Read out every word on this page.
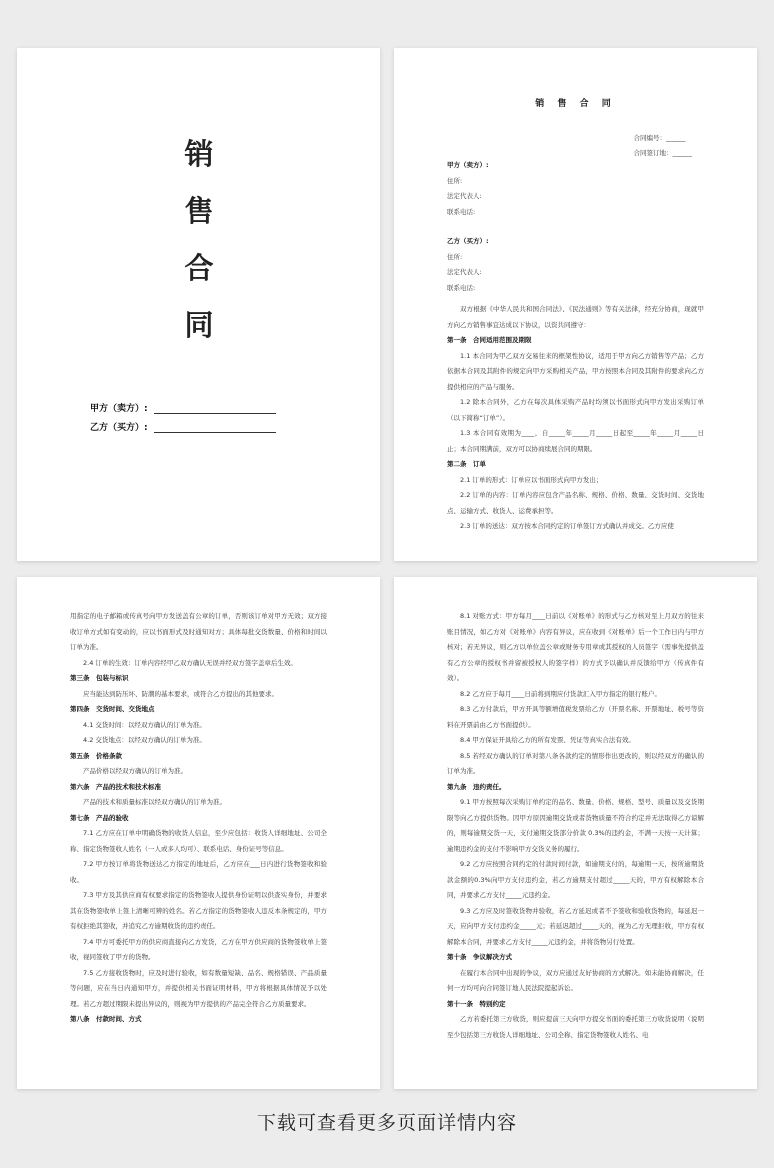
销
售
合
同
甲方（卖方）:
乙方（买方）:
销 售 合 同
合同编号：______
合同签订地：______

甲方（卖方）:

住所:

法定代表人:

联系电话:

乙方（买方）:

住所:

法定代表人:

联系电话:

双方根据《中华人民共和国合同法》、《民法通则》等有关法律，经充分协商，现就甲方向乙方销售事宜达成以下协议，以资共同遵守：

第一条　合同适用范围及期限

1.1 本合同为甲乙双方交易往来的框架性协议，适用于甲方向乙方销售等产品；乙方依据本合同及其附件的规定向甲方采购相关产品，甲方按照本合同及其附件的要求向乙方提供相应的产品与服务。

1.2 除本合同外，乙方在每次具体采购产品时均须以书面形式向甲方发出采购订单（以下简称“订单”）。

1.3 本合同有效期为____，自_____年_____月_____日起至_____年_____月_____日止；本合同期满前，双方可以协商续展合同的期限。

第二条　订单

2.1 订单的形式：订单应以书面形式向甲方发出；

2.2 订单的内容：订单内容应包含产品名称、规格、价格、数量、交货时间、交货地点、运输方式、收货人、运费承担等。

2.3 订单的送达：双方按本合同约定的订单签订方式确认并成交。乙方应使

用指定的电子邮箱或传真号向甲方发送盖有公章的订单，否则该订单对甲方无效；双方接收订单方式如有变动的，应以书面形式及时通知对方；具体每批交货数量、价格和时间以订单为准。

2.4 订单的生效：订单内容经甲乙双方确认无误并经双方签字盖章后生效。

第三条　包装与标识

应当能达到防压坏、防潮的基本要求，或符合乙方提出的其他要求。

第四条　交货时间、交货地点

4.1 交货时间：以经双方确认的订单为准。

4.2 交货地点：以经双方确认的订单为准。

第五条　价格条款

产品价格以经双方确认的订单为准。

第六条　产品的技术和技术标准

产品的技术和质量标准以经双方确认的订单为准。

第七条　产品的验收

7.1 乙方应在订单中明确货物的收货人信息，至少应包括：收货人详细地址、公司全称、指定货物签收人姓名（一人或多人均可）、联系电话、身份证号等信息。

7.2 甲方按订单将货物送达乙方指定的地址后，乙方应在___日内进行货物签收和验收。

7.3 甲方及其供应商有权要求指定的货物签收人提供身份证明以供查实身份，并要求其在货物签收单上签上清晰可辨的姓名。若乙方指定的货物签收人违反本条规定的，甲方有权拒绝其签收，并追究乙方逾期收货的违约责任。

7.4 甲方可委托甲方的供应商直接向乙方发货，乙方在甲方供应商的货物签收单上签收，视同签收了甲方的货物。

7.5 乙方接收货物时，应及时进行验收，如有数量短缺、品名、规格错误、产品质量等问题，应在当日内通知甲方，并提供相关书面证明材料，甲方将根据具体情况予以处理。若乙方超过期限未提出异议的，则视为甲方提供的产品完全符合乙方质量要求。

第八条　付款时间、方式

8.1 对账方式：甲方每月____日前以《对账单》的形式与乙方核对至上月双方的往来账目情况，如乙方对《对账单》内容有异议，应在收到《对账单》后一个工作日内与甲方核对；若无异议，则乙方以单位盖公章或财务专用章或其授权的人员签字（需事先提供盖有乙方公章的授权书并留被授权人的签字样）的方式予以确认并反馈给甲方（传真件有效）。

8.2 乙方应于每月____日前将到期应付货款汇入甲方指定的银行账户。

8.3 乙方付款后，甲方开具等额增值税发票给乙方（开票名称、开票地址、税号等资料在开票前由乙方书面提供）。

8.4 甲方保证开具给乙方的所有发票、凭证等真实合法有效。

8.5 若经双方确认的订单对第八条各款约定的情形作出更改的，则以经双方的确认的订单为准。

第九条　违约责任。

9.1 甲方按照每次采购订单约定的品名、数量、价格、规格、型号、质量以及交货期限等向乙方提供货物。因甲方原因逾期交货或者货物质量不符合约定并无法取得乙方谅解的，则每逾期交货一天，支付逾期交货部分价款 0.3%的违约金，不满一天按一天计算；逾期违约金的支付不影响甲方交货义务的履行。

9.2 乙方应按照合同约定的付款时间付款，如逾期支付的，每逾期一天，按所逾期货款金额的0.3%向甲方支付违约金，若乙方逾期支付超过_____天的，甲方有权解除本合同，并要求乙方支付_____元违约金。

9.3 乙方应及时签收货物并验收，若乙方延迟或者不予签收和验收货物的，每延迟一天，应向甲方支付违约金_____元；若延迟超过_____天的，视为乙方无理拒收，甲方有权解除本合同，并要求乙方支付_____元违约金，并将货物另行处置。

第十条　争议解决方式

在履行本合同中出现的争议，双方应通过友好协商的方式解决。如未能协商解决，任何一方均可向合同签订地人民法院提起诉讼。

第十一条　特别约定

乙方若委托第三方收货，则应提前三天向甲方提交书面的委托第三方收货说明（说明至少包括第三方收货人详细地址、公司全称、指定货物签收人姓名、电

下载可查看更多页面详情内容
